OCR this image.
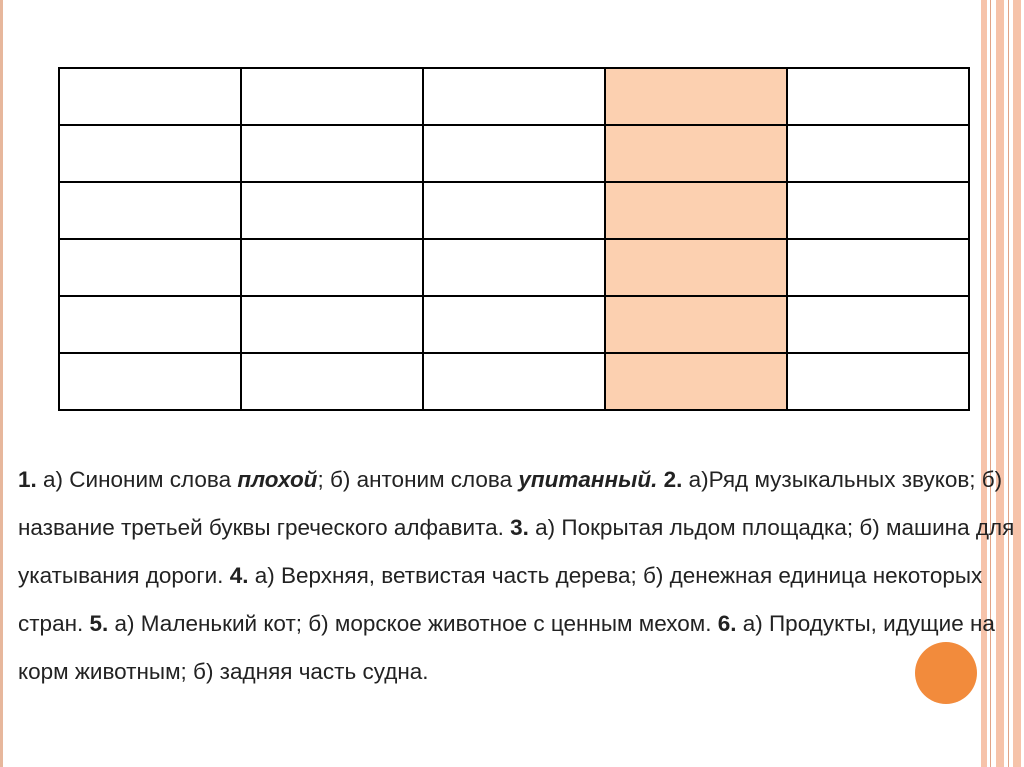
1. а) Синоним слова плохой; б) антоним слова упитанный. 2. а)Ряд музыкальных звуков; б) название третьей буквы греческого алфавита. 3. а) Покрытая льдом площадка; б) машина для укатывания дороги. 4. а) Верхняя, ветвистая часть дерева; б) денежная единица некоторых стран. 5. а) Маленький кот; б) морское животное с ценным мехом. 6. а) Продукты, идущие на корм животным; б) задняя часть судна.
